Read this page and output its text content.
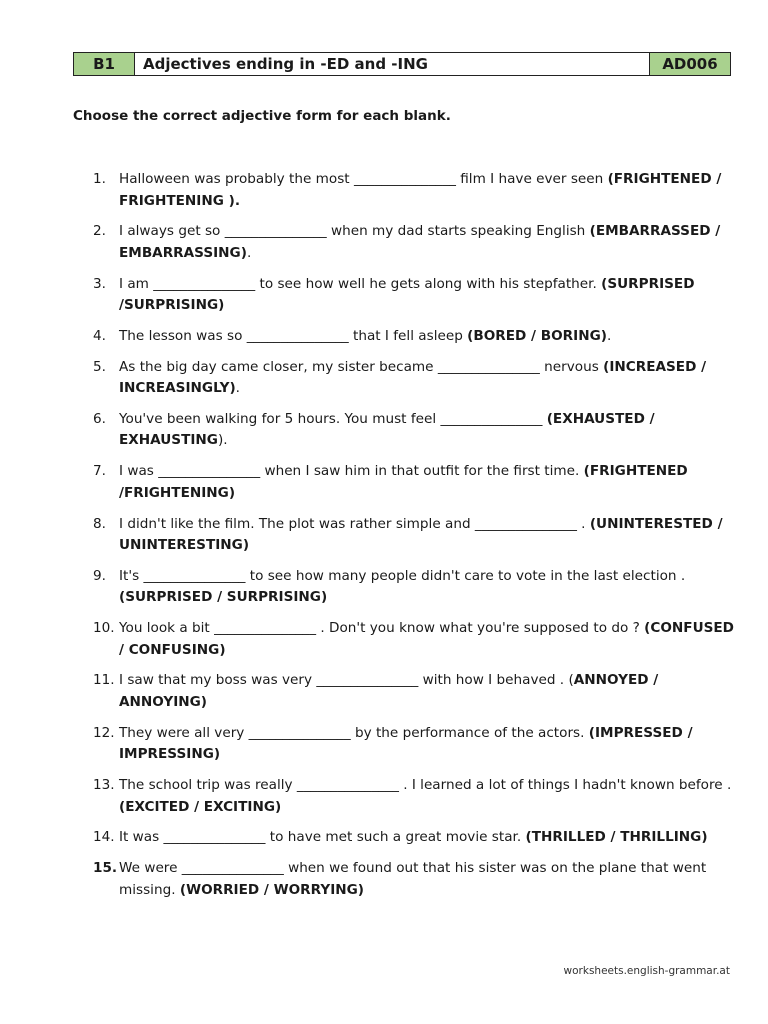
B1	Adjectives ending in -ED and -ING	AD006
Choose the correct adjective form for each blank.
1. Halloween was probably the most _______________ film I have ever seen (FRIGHTENED / FRIGHTENING ).
2. I always get so _______________ when my dad starts speaking English (EMBARRASSED / EMBARRASSING).
3. I am _______________ to see how well he gets along with his stepfather. (SURPRISED /SURPRISING)
4. The lesson was so _______________ that I fell asleep (BORED / BORING).
5. As the big day came closer, my sister became _______________ nervous (INCREASED / INCREASINGLY).
6. You've been walking for 5 hours. You must feel _______________ (EXHAUSTED / EXHAUSTING).
7. I was _______________ when I saw him in that outfit for the first time. (FRIGHTENED /FRIGHTENING)
8. I didn't like the film. The plot was rather simple and _______________ . (UNINTERESTED / UNINTERESTING)
9. It's _______________ to see how many people didn't care to vote in the last election . (SURPRISED / SURPRISING)
10. You look a bit _______________ . Don't you know what you're supposed to do ? (CONFUSED / CONFUSING)
11. I saw that my boss was very _______________ with how I behaved . (ANNOYED / ANNOYING)
12. They were all very _______________ by the performance of the actors. (IMPRESSED / IMPRESSING)
13. The school trip was really _______________ . I learned a lot of things I hadn't known before . (EXCITED / EXCITING)
14. It was _______________ to have met such a great movie star. (THRILLED / THRILLING)
15. We were _______________ when we found out that his sister was on the plane that went missing. (WORRIED / WORRYING)
worksheets.english-grammar.at
